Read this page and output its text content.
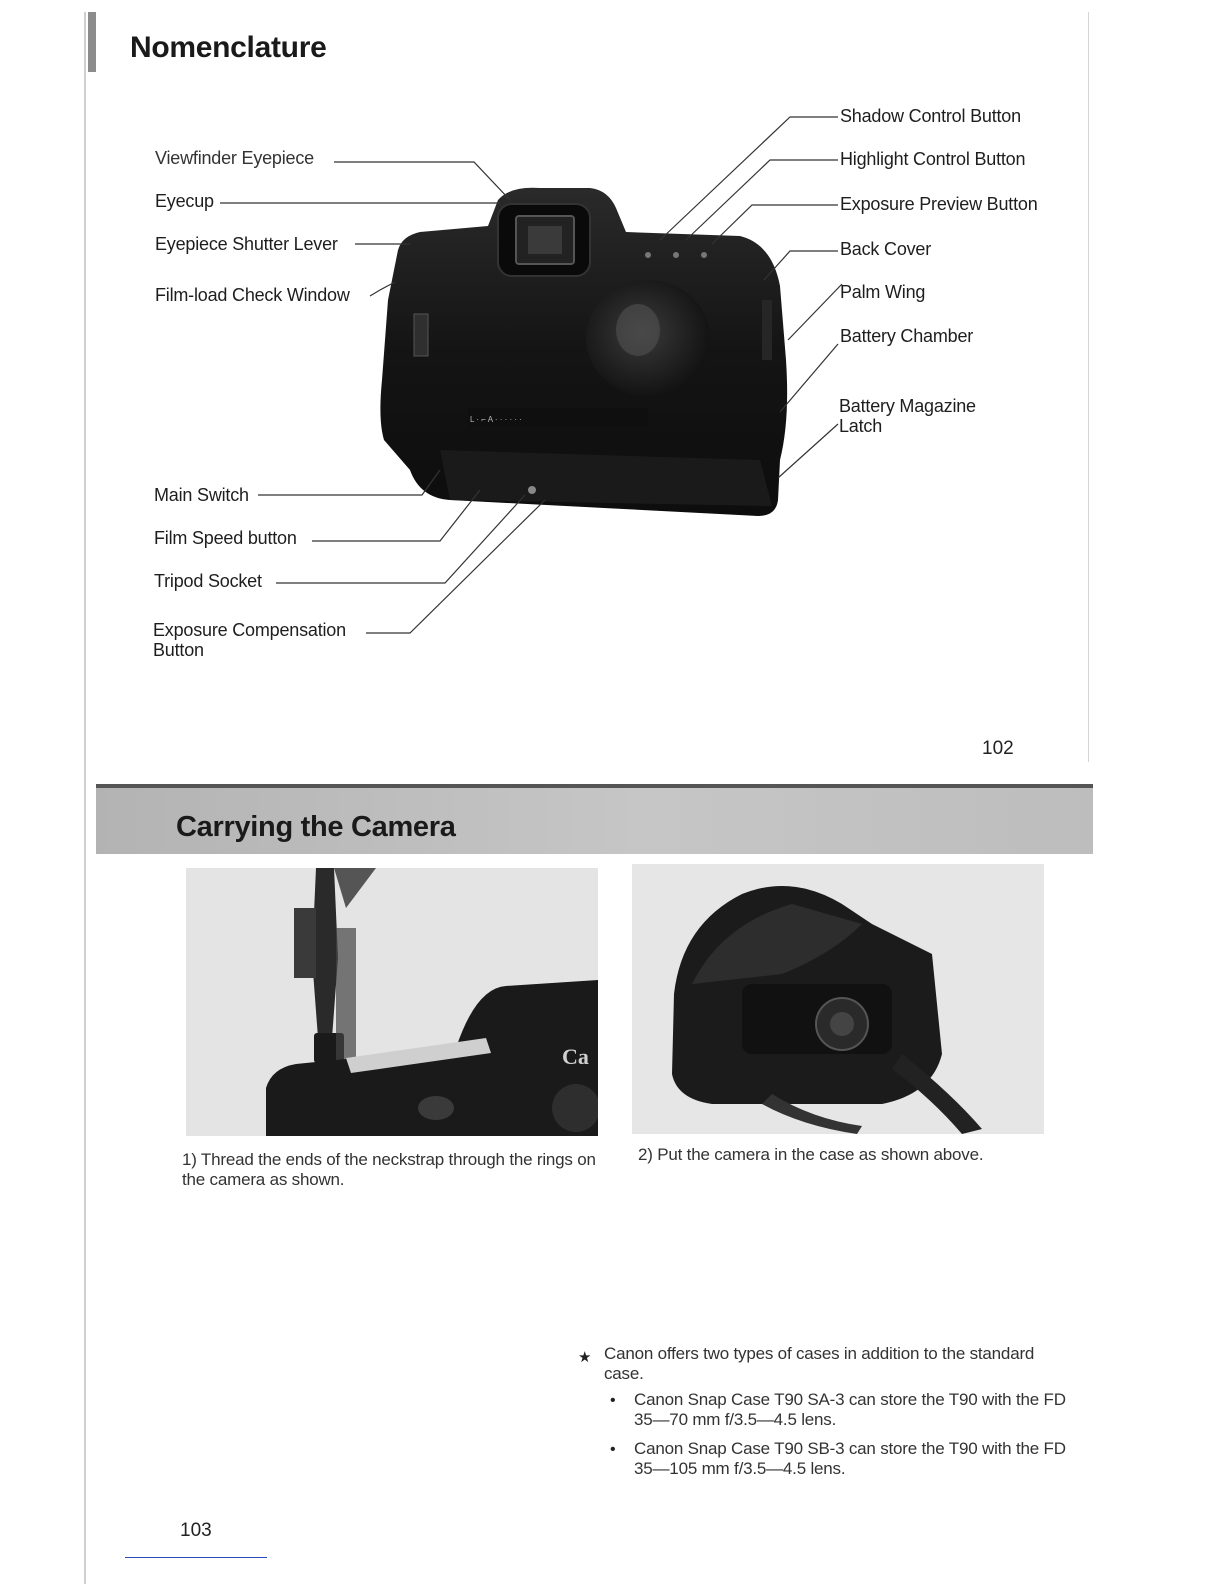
Nomenclature
L · ⌐ A · · · · · ·
Viewfinder Eyepiece
Eyecup
Eyepiece Shutter Lever
Film-load Check Window
Main Switch
Film Speed button
Tripod Socket
Exposure Compensation Button
Shadow Control Button
Highlight Control Button
Exposure Preview Button
Back Cover
Palm Wing
Battery Chamber
Battery Magazine Latch
102
Carrying the Camera
Ca
1) Thread the ends of the neckstrap through the rings on the camera as shown.
2) Put the camera in the case as shown above.
★ Canon offers two types of cases in addition to the standard case.
• Canon Snap Case T90 SA-3 can store the T90 with the FD 35—70 mm f/3.5—4.5 lens.
• Canon Snap Case T90 SB-3 can store the T90 with the FD 35—105 mm f/3.5—4.5 lens.
103
